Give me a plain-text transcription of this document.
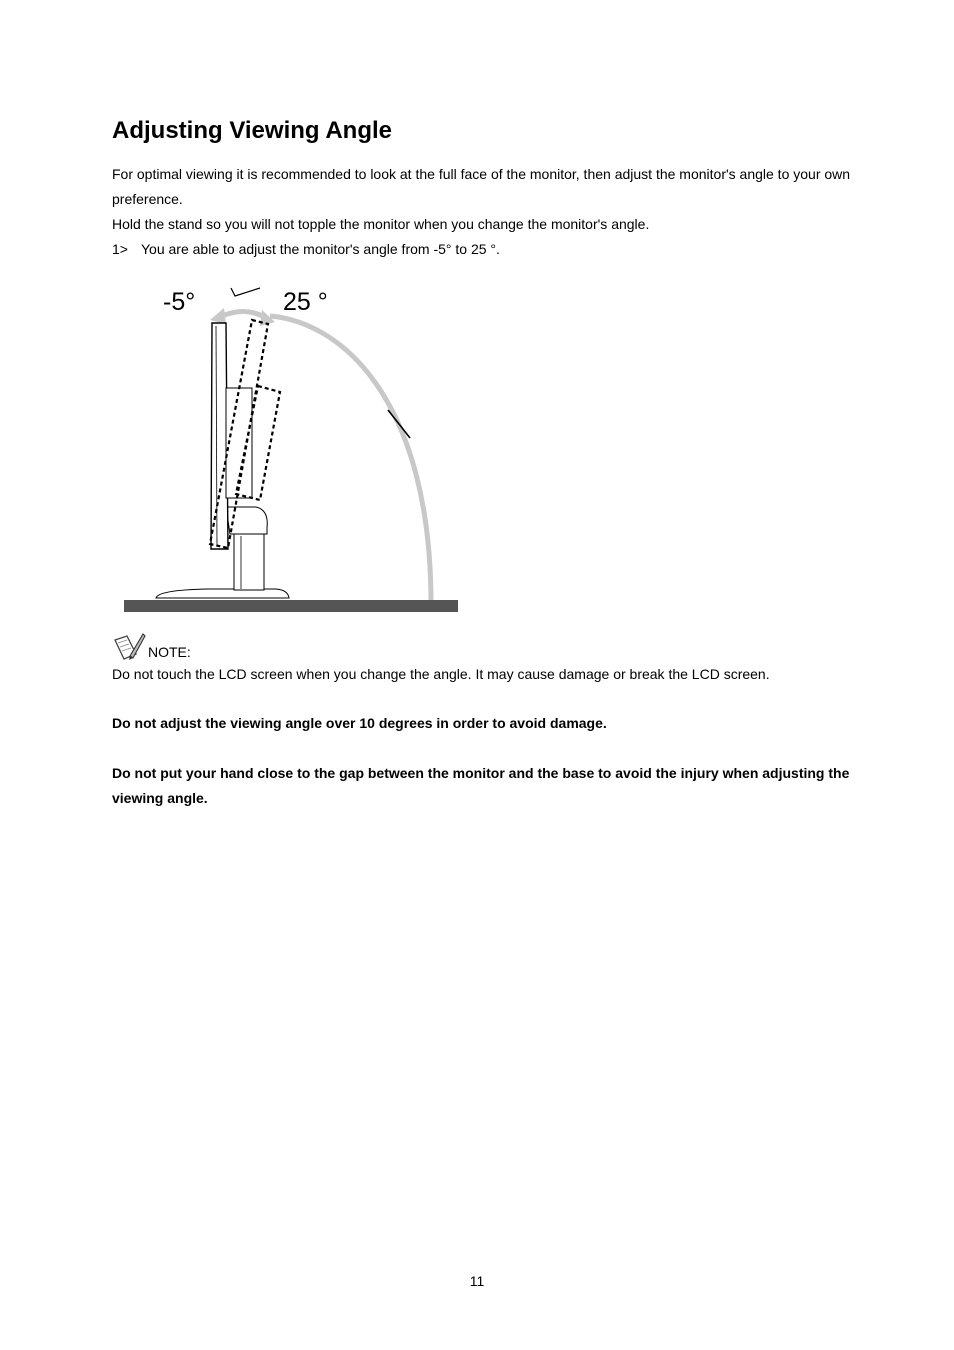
Adjusting Viewing Angle

For optimal viewing it is recommended to look at the full face of the monitor, then adjust the monitor's angle to your own preference.

Hold the stand so you will not topple the monitor when you change the monitor's angle.

1> You are able to adjust the monitor's angle from -5° to 25 °.
-5°	25 °
NOTE:

Do not touch the LCD screen when you change the angle. It may cause damage or break the LCD screen.

Do not adjust the viewing angle over 10 degrees in order to avoid damage.

Do not put your hand close to the gap between the monitor and the base to avoid the injury when adjusting the viewing angle.

11
